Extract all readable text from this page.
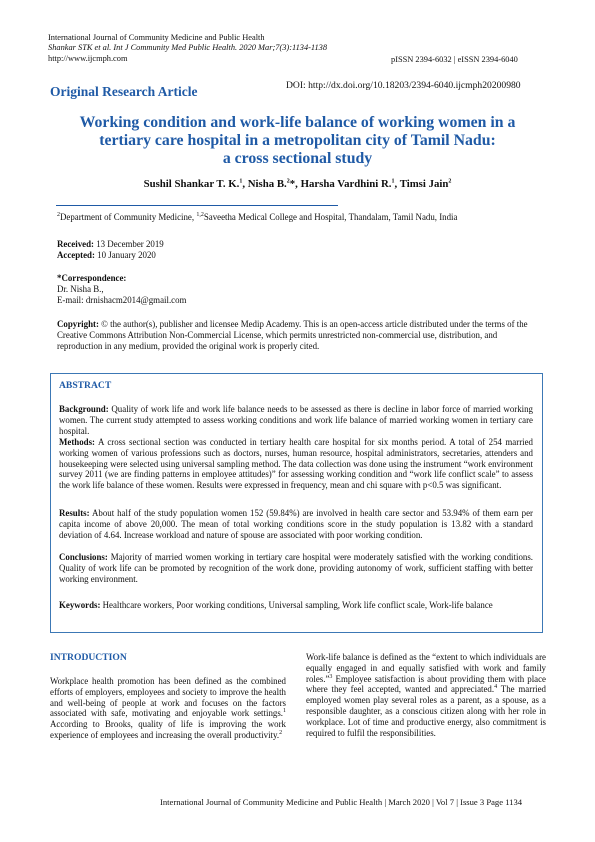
International Journal of Community Medicine and Public Health
Shankar STK et al. Int J Community Med Public Health. 2020 Mar;7(3):1134-1138
http://www.ijcmph.com	pISSN 2394-6032 | eISSN 2394-6040
Original Research Article	DOI: http://dx.doi.org/10.18203/2394-6040.ijcmph20200980
Working condition and work-life balance of working women in a
tertiary care hospital in a metropolitan city of Tamil Nadu:
a cross sectional study
Sushil Shankar T. K.$^1$, Nisha B.$^2$*, Harsha Vardhini R.$^1$, Timsi Jain$^2$
$^2$Department of Community Medicine, $^{1,2}$Saveetha Medical College and Hospital, Thandalam, Tamil Nadu, India
Received: 13 December 2019
Accepted: 10 January 2020
*Correspondence:
Dr. Nisha B.,
E-mail: drnishacm2014@gmail.com
Copyright: © the author(s), publisher and licensee Medip Academy. This is an open-access article distributed under the terms of the Creative Commons Attribution Non-Commercial License, which permits unrestricted non-commercial use, distribution, and reproduction in any medium, provided the original work is properly cited.
ABSTRACT
Background: Quality of work life and work life balance needs to be assessed as there is decline in labor force of married working women. The current study attempted to assess working conditions and work life balance of married working women in tertiary care hospital.
Methods: A cross sectional section was conducted in tertiary health care hospital for six months period. A total of 254 married working women of various professions such as doctors, nurses, human resource, hospital administrators, secretaries, attenders and housekeeping were selected using universal sampling method. The data collection was done using the instrument “work environment survey 2011 (we are finding patterns in employee attitudes)” for assessing working condition and “work life conflict scale” to assess the work life balance of these women. Results were expressed in frequency, mean and chi square with p<0.5 was significant.
Results: About half of the study population women 152 (59.84%) are involved in health care sector and 53.94% of them earn per capita income of above 20,000. The mean of total working conditions score in the study population is 13.82 with a standard deviation of 4.64. Increase workload and nature of spouse are associated with poor working condition.
Conclusions: Majority of married women working in tertiary care hospital were moderately satisfied with the working conditions. Quality of work life can be promoted by recognition of the work done, providing autonomy of work, sufficient staffing with better working environment.
Keywords: Healthcare workers, Poor working conditions, Universal sampling, Work life conflict scale, Work-life balance
INTRODUCTION
Workplace health promotion has been defined as the combined efforts of employers, employees and society to improve the health and well-being of people at work and focuses on the factors associated with safe, motivating and enjoyable work settings.$^1$ According to Brooks, quality of life is improving the work experience of employees and increasing the overall productivity.$^2$
Work-life balance is defined as the “extent to which individuals are equally engaged in and equally satisfied with work and family roles.”$^3$ Employee satisfaction is about providing them with place where they feel accepted, wanted and appreciated.$^4$ The married employed women play several roles as a parent, as a spouse, as a responsible daughter, as a conscious citizen along with her role in workplace. Lot of time and productive energy, also commitment is required to fulfil the responsibilities.
International Journal of Community Medicine and Public Health | March 2020 | Vol 7 | Issue 3 Page 1134
